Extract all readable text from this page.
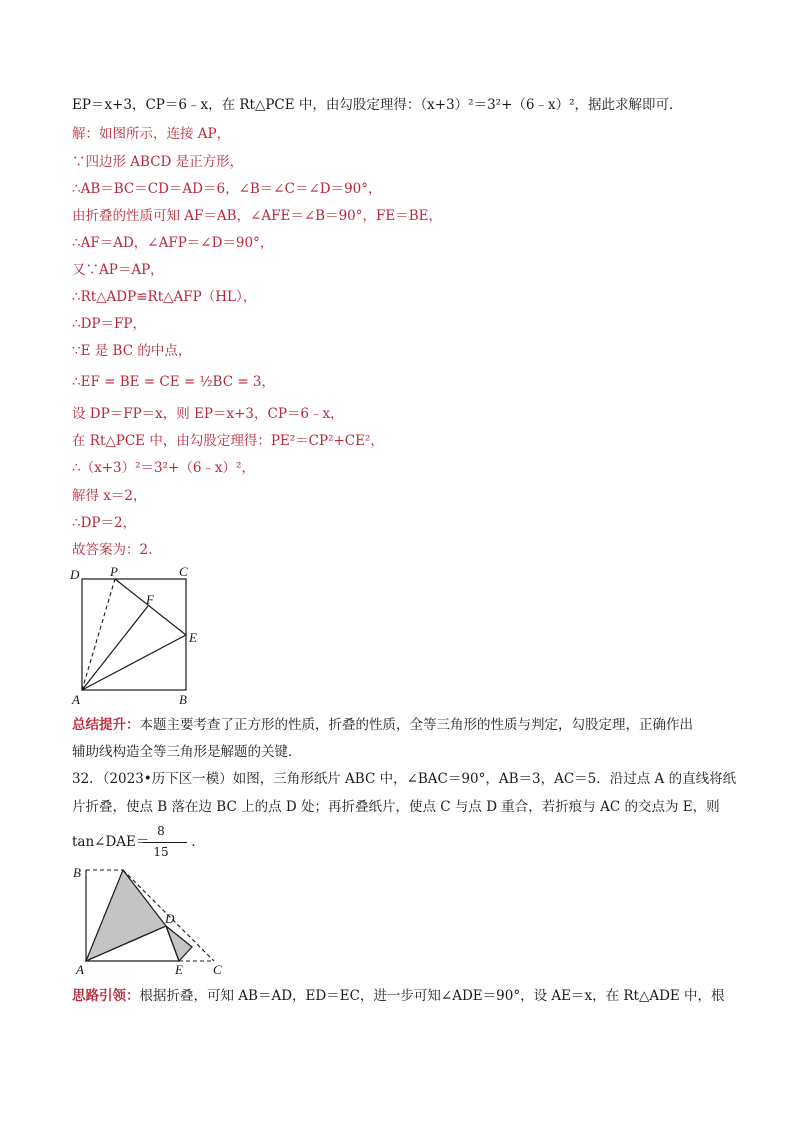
EP＝x+3，CP＝6﹣x，在 Rt△PCE 中，由勾股定理得：（x+3）²＝3²+（6﹣x）²，据此求解即可．
解：如图所示，连接 AP，
∵四边形 ABCD 是正方形，
∴AB＝BC＝CD＝AD＝6，∠B＝∠C＝∠D＝90°，
由折叠的性质可知 AF＝AB，∠AFE＝∠B＝90°，FE＝BE，
∴AF＝AD，∠AFP＝∠D＝90°，
又∵AP＝AP，
∴Rt△ADP≌Rt△AFP（HL），
∴DP＝FP，
∵E 是 BC 的中点，
∴EF = BE = CE = ½BC = 3，
设 DP＝FP＝x，则 EP＝x+3，CP＝6﹣x，
在 Rt△PCE 中，由勾股定理得：PE²＝CP²+CE²，
∴（x+3）²＝3²+（6﹣x）²，
解得 x＝2，
∴DP＝2，
故答案为：2．
D P	C
F
E
A	B
总结提升：本题主要考查了正方形的性质，折叠的性质，全等三角形的性质与判定，勾股定理，正确作出
辅助线构造全等三角形是解题的关键．
32．（2023•历下区一模）如图，三角形纸片 ABC 中，∠BAC＝90°，AB＝3，AC＝5．沿过点 A 的直线将纸
片折叠，使点 B 落在边 BC 上的点 D 处；再折叠纸片，使点 C 与点 D 重合，若折痕与 AC 的交点为 E，则
tan∠DAE＝	．
8
15
B
D
A	E C
思路引领：根据折叠，可知 AB＝AD，ED＝EC，进一步可知∠ADE＝90°，设 AE＝x，在 Rt△ADE 中，根
